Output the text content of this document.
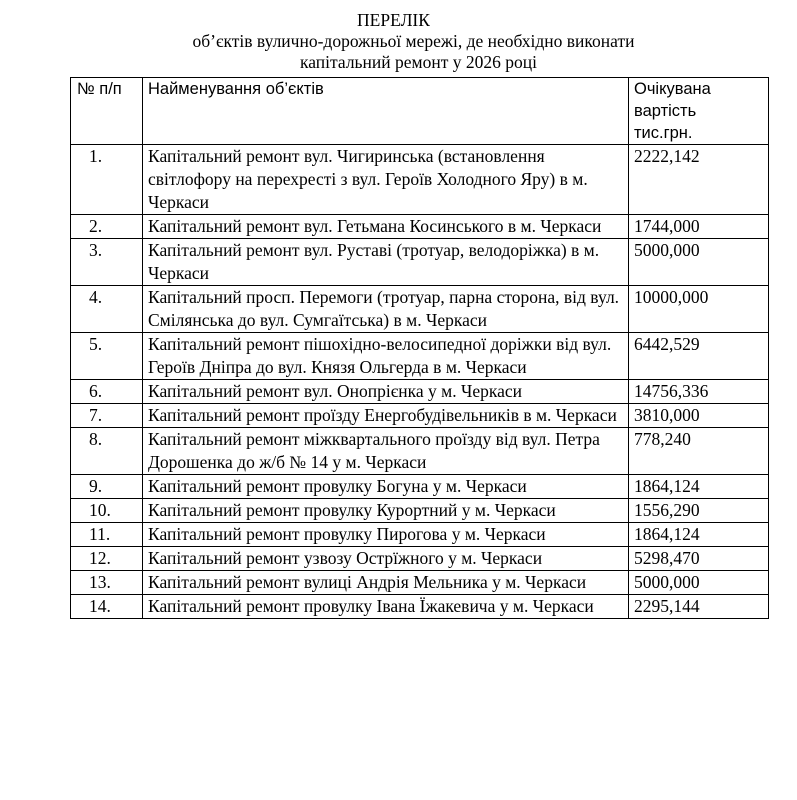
ПЕРЕЛІК
об’єктів вулично-дорожньої мережі, де необхідно виконати
капітальний ремонт у 2026 році
№ п/п	Найменування об’єктів	Очікувана
вартість
тис.грн.

1.	Капітальний ремонт вул. Чигиринська (встановлення світлофору на перехресті з вул. Героїв Холодного Яру) в м. Черкаси	2222,142
2.	Капітальний ремонт вул. Гетьмана Косинського в м. Черкаси	1744,000
3.	Капітальний ремонт вул. Руставі (тротуар, велодоріжка) в м. Черкаси	5000,000
4.	Капітальний просп. Перемоги (тротуар, парна сторона, від вул. Смілянська до вул. Сумгаїтська) в м. Черкаси	10000,000
5.	Капітальний ремонт пішохідно-велосипедної доріжки від вул. Героїв Дніпра до вул. Князя Ольгерда в м. Черкаси	6442,529
6.	Капітальний ремонт вул. Онопрієнка у м. Черкаси	14756,336
7.	Капітальний ремонт проїзду Енергобудівельників в м. Черкаси	3810,000
8.	Капітальний ремонт міжквартального проїзду від вул. Петра Дорошенка до ж/б № 14 у м. Черкаси	778,240
9.	Капітальний ремонт провулку Богуна у м. Черкаси	1864,124
10.	Капітальний ремонт провулку Курортний у м. Черкаси	1556,290
11.	Капітальний ремонт провулку Пирогова у м. Черкаси	1864,124
12.	Капітальний ремонт узвозу Острїжного у м. Черкаси	5298,470
13.	Капітальний ремонт вулиці Андрія Мельника у м. Черкаси	5000,000
14.	Капітальний ремонт провулку Івана Їжакевича у м. Черкаси	2295,144
